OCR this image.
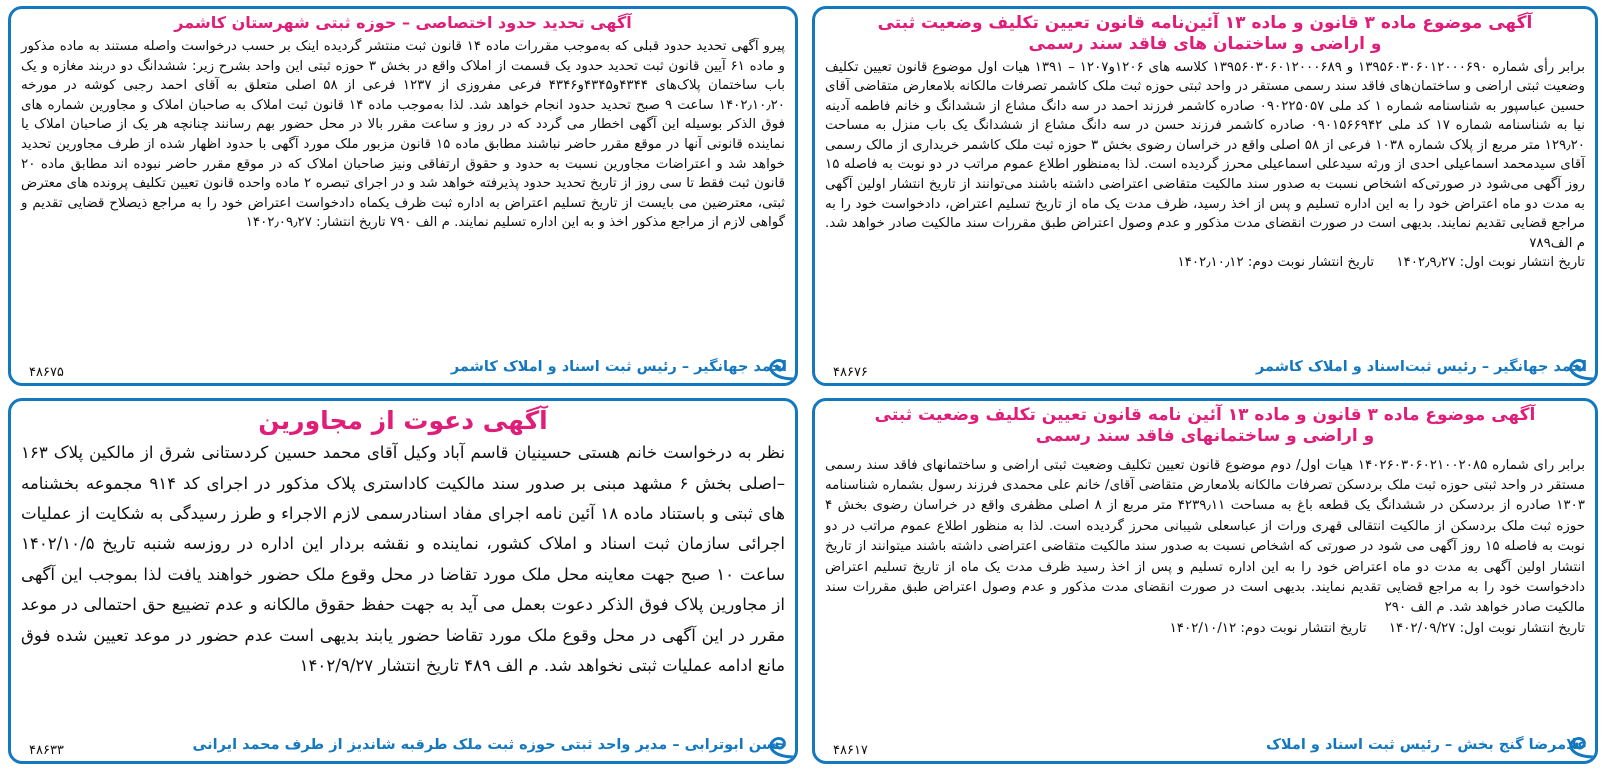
آگهی موضوع ماده ۳ قانون و ماده ۱۳ آئین‌نامه قانون تعیین تکلیف وضعیت ثبتی
و اراضی و ساختمان های فاقد سند رسمی

برابر رأی شماره ۱۳۹۵۶۰۳۰۶۰۱۲۰۰۰۶۹۰ و ۱۳۹۵۶۰۳۰۶۰۱۲۰۰۰۶۸۹ کلاسه های ۱۲۰۶و۱۲۰۷ – ۱۳۹۱ هیات اول موضوع قانون تعیین تکلیف وضعیت ثبتی اراضی و ساختمان‌های فاقد سند رسمی مستقر در واحد ثبتی حوزه ثبت ملک کاشمر تصرفات مالکانه بلامعارض متقاضی آقای حسین عباسپور به شناسنامه شماره ۱ کد ملی ۰۹۰۲۲۵۰۵۷ صادره کاشمر فرزند احمد در سه دانگ مشاع از ششدانگ و خانم فاطمه آدینه نیا به شناسنامه شماره ۱۷ کد ملی ۰۹۰۱۵۶۶۹۴۲ صادره کاشمر فرزند حسن در سه دانگ مشاع از ششدانگ یک باب منزل به مساحت ۱۲۹٫۲۰ متر مربع از پلاک شماره ۱۰۳۸ فرعی از ۵۸ اصلی واقع در خراسان رضوی بخش ۳ حوزه ثبت ملک کاشمر خریداری از مالک رسمی آقای سیدمحمد اسماعیلی احدی از ورثه سیدعلی اسماعیلی محرز گردیده است. لذا به‌منظور اطلاع عموم مراتب در دو نوبت به فاصله ۱۵ روز آگهی می‌شود در صورتی‌که اشخاص نسبت به صدور سند مالکیت متقاضی اعتراضی داشته باشند می‌توانند از تاریخ انتشار اولین آگهی به مدت دو ماه اعتراض خود را به این اداره تسلیم و پس از اخذ رسید، ظرف مدت یک ماه از تاریخ تسلیم اعتراض، دادخواست خود را به مراجع قضایی تقدیم نمایند. بدیهی است در صورت انقضای مدت مذکور و عدم وصول اعتراض طبق مقررات سند مالکیت صادر خواهد شد. م الف۷۸۹

تاریخ انتشار نوبت اول: ۱۴۰۲٫۹٫۲۷ تاریخ انتشار نوبت دوم: ۱۴۰۲٫۱۰٫۱۲
احمد جهانگیر – رئیس ثبت‌اسناد و املاک کاشمر
۴۸۶۷۶
آگهی تحدید حدود اختصاصی – حوزه ثبتی شهرستان کاشمر

پیرو آگهی تحدید حدود قبلی که به‌موجب مقررات ماده ۱۴ قانون ثبت منتشر گردیده اینک بر حسب درخواست واصله مستند به ماده مذکور و ماده ۶۱ آیین قانون ثبت تحدید حدود یک قسمت از املاک واقع در بخش ۳ حوزه ثبتی این واحد بشرح زیر: ششدانگ دو دربند مغازه و یک باب ساختمان پلاک‌های ۴۳۴۴و۴۳۴۵و۴۳۴۶ فرعی مفروزی از ۱۲۳۷ فرعی از ۵۸ اصلی متعلق به آقای احمد رجبی کوشه در مورخه ۱۴۰۲٫۱۰٫۲۰ ساعت ۹ صبح تحدید حدود انجام خواهد شد. لذا به‌موجب ماده ۱۴ قانون ثبت املاک به صاحبان املاک و مجاورین شماره های فوق الذکر بوسیله این آگهی اخطار می گردد که در روز و ساعت مقرر بالا در محل حضور بهم رسانند چنانچه هر یک از صاحبان املاک یا نماینده قانونی آنها در موقع مقرر حاضر نباشند مطابق ماده ۱۵ قانون مزبور ملک مورد آگهی با حدود اظهار شده از طرف مجاورین تحدید خواهد شد و اعتراضات مجاورین نسبت به حدود و حقوق ارتفاقی ونیز صاحبان املاک که در موقع مقرر حاضر نبوده اند مطابق ماده ۲۰ قانون ثبت فقط تا سی روز از تاریخ تحدید حدود پذیرفته خواهد شد و در اجرای تبصره ۲ ماده واحده قانون تعیین تکلیف پرونده های معترض ثبتی، معترضین می بایست از تاریخ تسلیم اعتراض به اداره ثبت ظرف یکماه دادخواست اعتراض خود را به مراجع ذیصلاح قضایی تقدیم و گواهی لازم از مراجع مذکور اخذ و به این اداره تسلیم نمایند. م الف ۷۹۰ تاریخ انتشار: ۱۴۰۲٫۰۹٫۲۷

احمد جهانگیر – رئیس ثبت اسناد و املاک کاشمر
۴۸۶۷۵
آگهی موضوع ماده ۳ قانون و ماده ۱۳ آئین نامه قانون تعیین تکلیف وضعیت ثبتی
و اراضی و ساختمانهای فاقد سند رسمی

برابر رای شماره ۱۴۰۲۶۰۳۰۶۰۲۱۰۰۲۰۸۵ هیات اول/ دوم موضوع قانون تعیین تکلیف وضعیت ثبتی اراضی و ساختمانهای فاقد سند رسمی مستقر در واحد ثبتی حوزه ثبت ملک بردسکن تصرفات مالکانه بلامعارض متقاضی آقای/ خانم علی محمدی فرزند رسول بشماره شناسنامه ۱۳۰۳ صادره از بردسکن در ششدانگ یک قطعه باغ به مساحت ۴۲۳۹٫۱۱ متر مربع از ۸ اصلی مظفری واقع در خراسان رضوی بخش ۴ حوزه ثبت ملک بردسکن از مالکیت انتقالی قهری ورات از عباسعلی شیبانی محرز گردیده است. لذا به منظور اطلاع عموم مراتب در دو نوبت به فاصله ۱۵ روز آگهی می شود در صورتی که اشخاص نسبت به صدور سند مالکیت متقاضی اعتراضی داشته باشند میتوانند از تاریخ انتشار اولین آگهی به مدت دو ماه اعتراض خود را به این اداره تسلیم و پس از اخذ رسید ظرف مدت یک ماه از تاریخ تسلیم اعتراض دادخواست خود را به مراجع قضایی تقدیم نمایند. بدیهی است در صورت انقضای مدت مذکور و عدم وصول اعتراض طبق مقررات سند مالکیت صادر خواهد شد. م الف ۲۹۰

تاریخ انتشار نوبت اول: ۱۴۰۲/۰۹/۲۷ تاریخ انتشار نوبت دوم: ۱۴۰۲/۱۰/۱۲
غلامرضا گنج بخش – رئیس ثبت اسناد و املاک
۴۸۶۱۷
آگهی دعوت از مجاورین

نظر به درخواست خانم هستی حسینیان قاسم آباد وکیل آقای محمد حسین کردستانی شرق از مالکین پلاک ۱۶۳ –اصلی بخش ۶ مشهد مبنی بر صدور سند مالکیت کاداستری پلاک مذکور در اجرای کد ۹۱۴ مجموعه بخشنامه های ثبتی و باستناد ماده ۱۸ آئین نامه اجرای مفاد اسنادرسمی لازم الاجراء و طرز رسیدگی به شکایت از عملیات اجرائی سازمان ثبت اسناد و املاک کشور، نماینده و نقشه بردار این اداره در روزسه شنبه تاریخ ۱۴۰۲/۱۰/۵ ساعت ۱۰ صبح جهت معاینه محل ملک مورد تقاضا در محل وقوع ملک حضور خواهند یافت لذا بموجب این آگهی از مجاورین پلاک فوق الذکر دعوت بعمل می آید به جهت حفظ حقوق مالکانه و عدم تضییع حق احتمالی در موعد مقرر در این آگهی در محل وقوع ملک مورد تقاضا حضور یابند بدیهی است عدم حضور در موعد تعیین شده فوق مانع ادامه عملیات ثبتی نخواهد شد. م الف ۴۸۹ تاریخ انتشار ۱۴۰۲/۹/۲۷

حسن ابوترابی – مدیر واحد ثبتی حوزه ثبت ملک طرقبه شاندیز از طرف محمد ایرانی
۴۸۶۳۳
